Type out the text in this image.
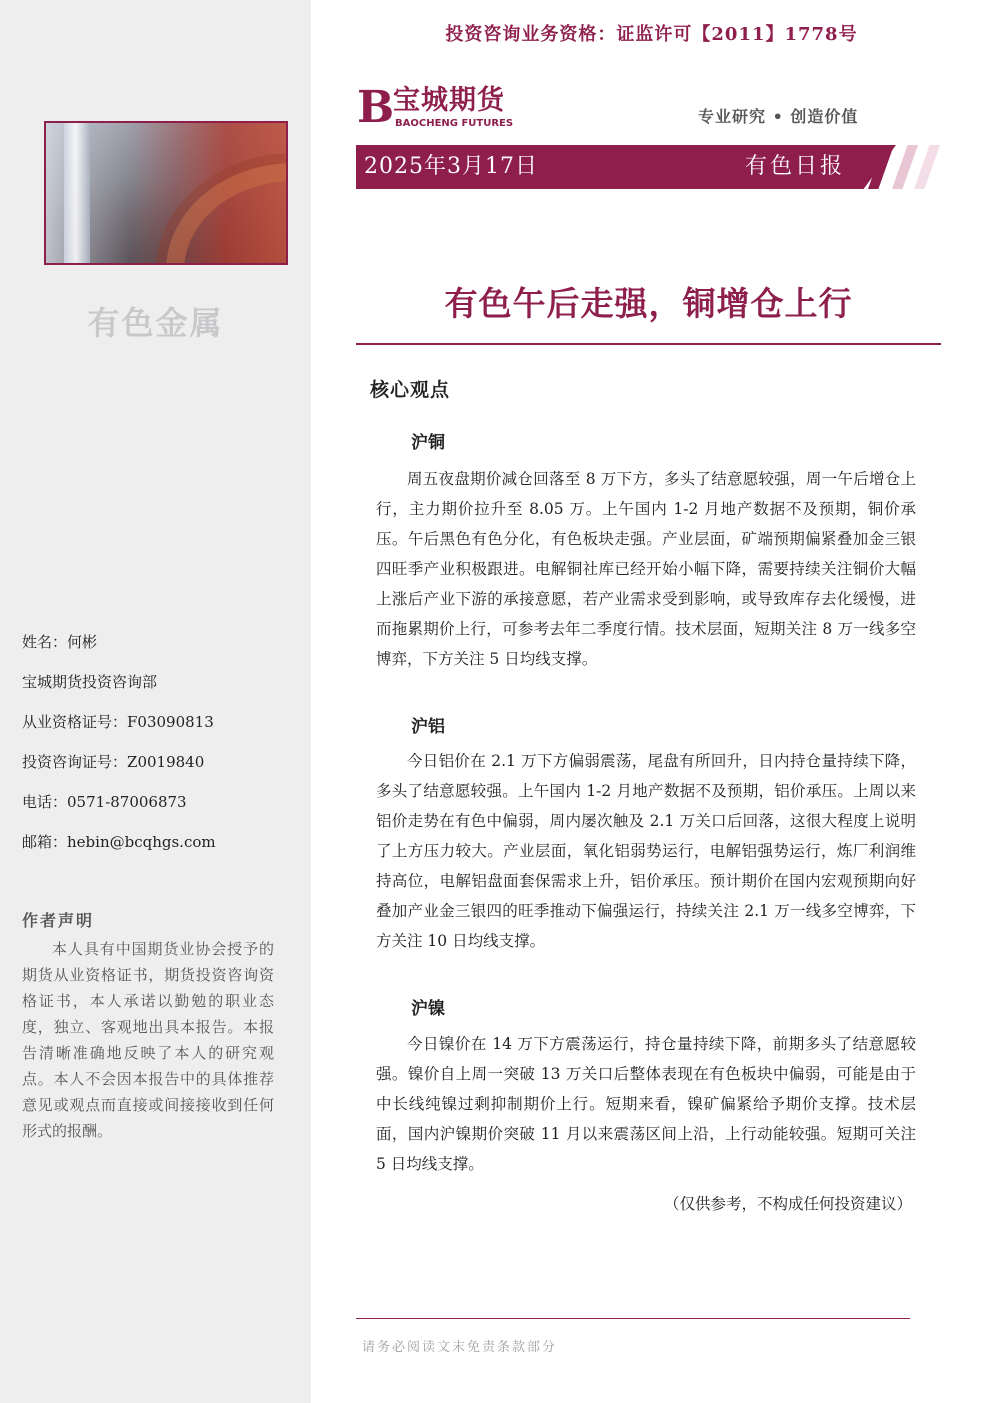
有色金属
姓名：何彬
宝城期货投资咨询部
从业资格证号：F03090813
投资咨询证号：Z0019840
电话：0571-87006873
邮箱：hebin@bcqhgs.com
作者声明
本人具有中国期货业协会授予的期货从业资格证书，期货投资咨询资格证书，本人承诺以勤勉的职业态度，独立、客观地出具本报告。本报告清晰准确地反映了本人的研究观点。本人不会因本报告中的具体推荐意见或观点而直接或间接接收到任何形式的报酬。
投资咨询业务资格：证监许可【2011】1778号
B
宝城期货
BAOCHENG FUTURES	专业研究 • 创造价值
2025年3月17日	有色日报
有色午后走强，铜增仓上行
核心观点
沪铜

周五夜盘期价减仓回落至 8 万下方，多头了结意愿较强，周一午后增仓上行，主力期价拉升至 8.05 万。上午国内 1-2 月地产数据不及预期，铜价承压。午后黑色有色分化，有色板块走强。产业层面，矿端预期偏紧叠加金三银四旺季产业积极跟进。电解铜社库已经开始小幅下降，需要持续关注铜价大幅上涨后产业下游的承接意愿，若产业需求受到影响，或导致库存去化缓慢，进而拖累期价上行，可参考去年二季度行情。技术层面，短期关注 8 万一线多空博弈，下方关注 5 日均线支撑。

沪铝

今日铝价在 2.1 万下方偏弱震荡，尾盘有所回升，日内持仓量持续下降，多头了结意愿较强。上午国内 1-2 月地产数据不及预期，铝价承压。上周以来铝价走势在有色中偏弱，周内屡次触及 2.1 万关口后回落，这很大程度上说明了上方压力较大。产业层面，氧化铝弱势运行，电解铝强势运行，炼厂利润维持高位，电解铝盘面套保需求上升，铝价承压。预计期价在国内宏观预期向好叠加产业金三银四的旺季推动下偏强运行，持续关注 2.1 万一线多空博弈，下方关注 10 日均线支撑。

沪镍

今日镍价在 14 万下方震荡运行，持仓量持续下降，前期多头了结意愿较强。镍价自上周一突破 13 万关口后整体表现在有色板块中偏弱，可能是由于中长线纯镍过剩抑制期价上行。短期来看，镍矿偏紧给予期价支撑。技术层面，国内沪镍期价突破 11 月以来震荡区间上沿，上行动能较强。短期可关注 5 日均线支撑。

（仅供参考，不构成任何投资建议）
请务必阅读文末免责条款部分
